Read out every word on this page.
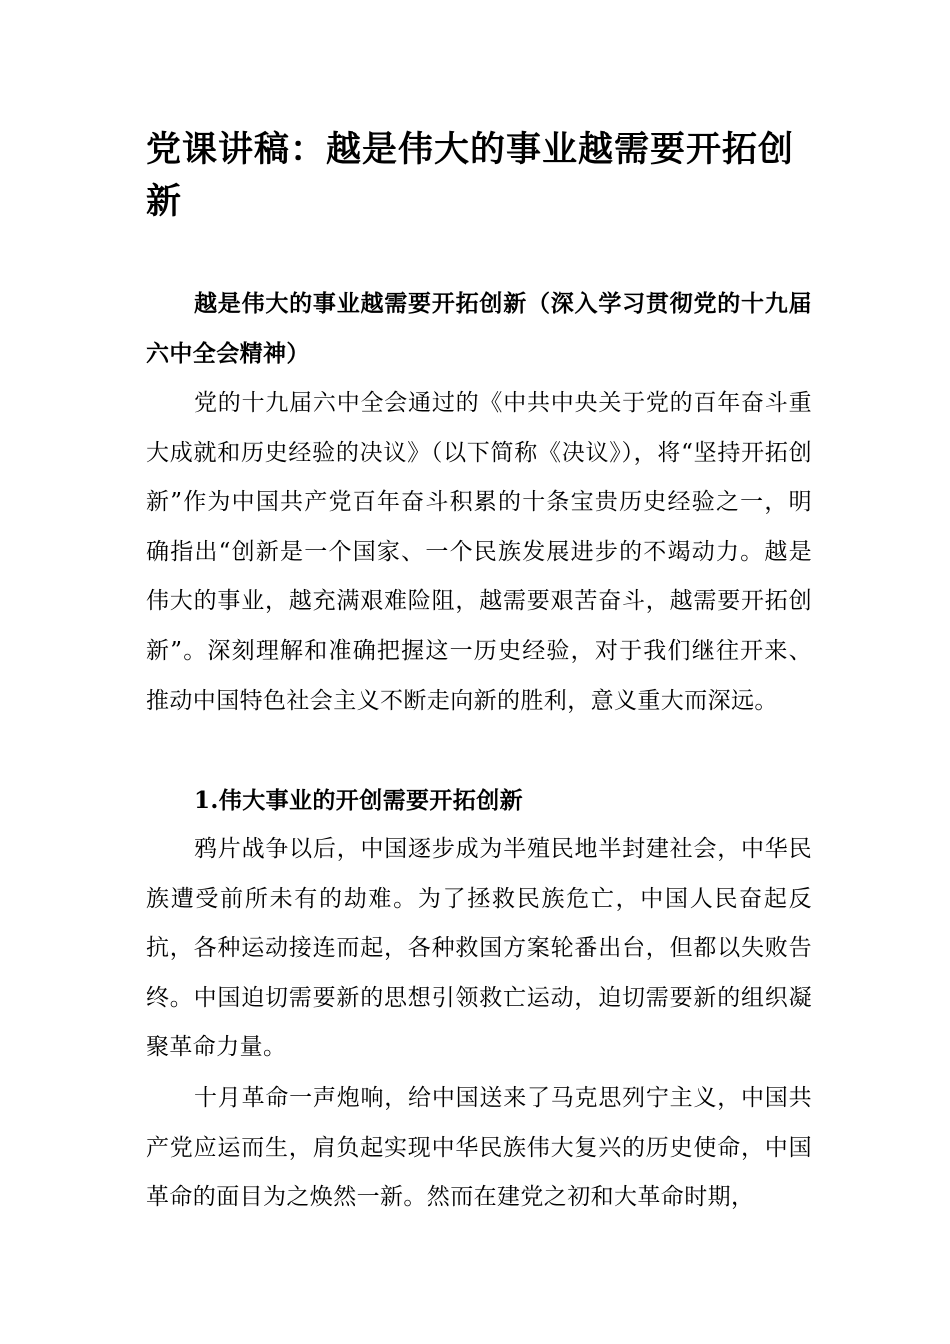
党课讲稿：越是伟大的事业越需要开拓创新

越是伟大的事业越需要开拓创新（深入学习贯彻党的十九届六中全会精神）

党的十九届六中全会通过的《中共中央关于党的百年奋斗重大成就和历史经验的决议》（以下简称《决议》），将“坚持开拓创新”作为中国共产党百年奋斗积累的十条宝贵历史经验之一，明确指出“创新是一个国家、一个民族发展进步的不竭动力。越是伟大的事业，越充满艰难险阻，越需要艰苦奋斗，越需要开拓创新”。深刻理解和准确把握这一历史经验，对于我们继往开来、推动中国特色社会主义不断走向新的胜利，意义重大而深远。

1.伟大事业的开创需要开拓创新

鸦片战争以后，中国逐步成为半殖民地半封建社会，中华民族遭受前所未有的劫难。为了拯救民族危亡，中国人民奋起反抗，各种运动接连而起，各种救国方案轮番出台，但都以失败告终。中国迫切需要新的思想引领救亡运动，迫切需要新的组织凝聚革命力量。

十月革命一声炮响，给中国送来了马克思列宁主义，中国共产党应运而生，肩负起实现中华民族伟大复兴的历史使命，中国革命的面目为之焕然一新。然而在建党之初和大革命时期，
